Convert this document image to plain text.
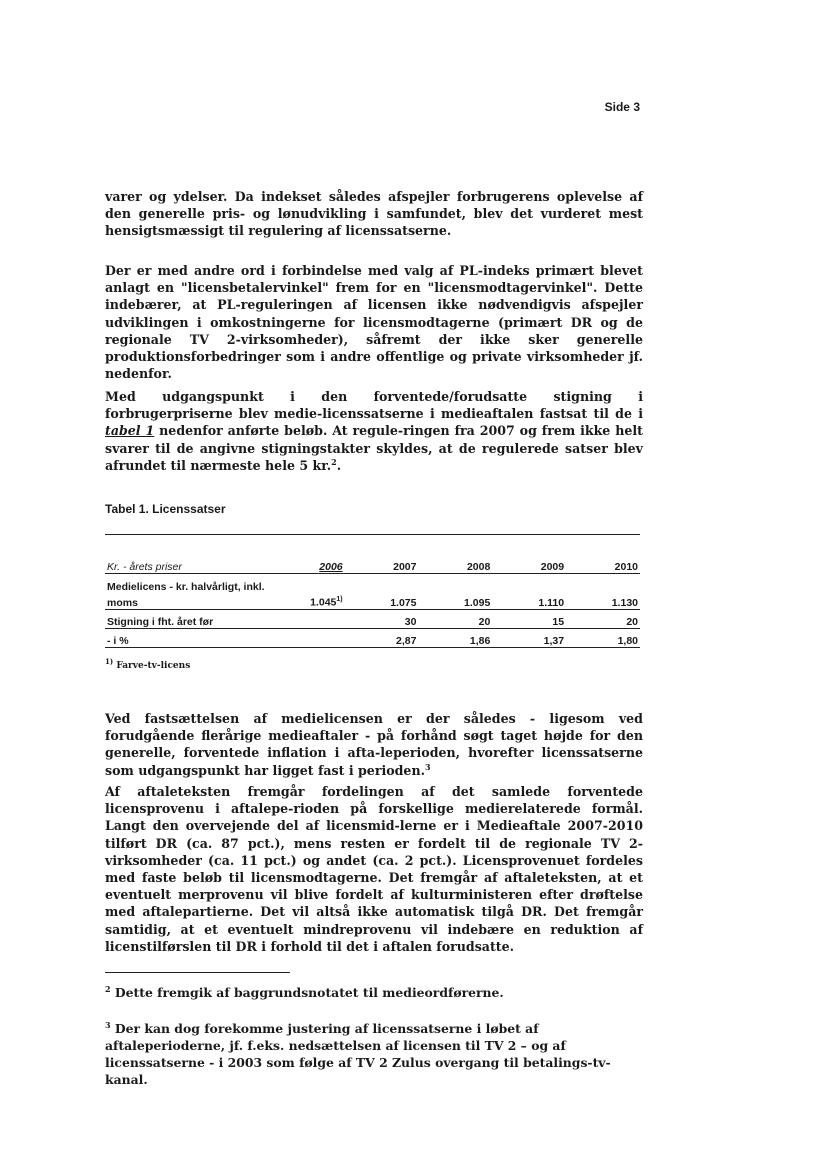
Side 3

varer og ydelser. Da indekset således afspejler forbrugerens oplevelse af den generelle pris- og lønudvikling i samfundet, blev det vurderet mest hensigtsmæssigt til regulering af licenssatserne.

Der er med andre ord i forbindelse med valg af PL-indeks primært blevet anlagt en "licensbetalervinkel" frem for en "licensmodtagervinkel". Dette indebærer, at PL-reguleringen af licensen ikke nødvendigvis afspejler udviklingen i omkostningerne for licensmodtagerne (primært DR og de regionale TV 2-virksomheder), såfremt der ikke sker generelle produktionsforbedringer som i andre offentlige og private virksomheder jf. nedenfor.

Med udgangspunkt i den forventede/forudsatte stigning i forbrugerpriserne blev medie-licenssatserne i medieaftalen fastsat til de i tabel 1 nedenfor anførte beløb. At regule-ringen fra 2007 og frem ikke helt svarer til de angivne stigningstakter skyldes, at de regulerede satser blev afrundet til nærmeste hele 5 kr.$^2$.

Tabel 1. Licenssatser
Kr. - årets priser	2006	2007	2008	2009	2010
Medielicens - kr. halvårligt, inkl.					
moms	1.045$^{1)}$	1.075	1.095	1.110	1.130
Stigning i fht. året før		30	20	15	20
- i %		2,87	1,86	1,37	1,80
$^{1)}$ Farve-tv-licens

Ved fastsættelsen af medielicensen er der således - ligesom ved forudgående flerårige medieaftaler - på forhånd søgt taget højde for den generelle, forventede inflation i afta-leperioden, hvorefter licenssatserne som udgangspunkt har ligget fast i perioden.$^3$

Af aftaleteksten fremgår fordelingen af det samlede forventede licensprovenu i aftalepe-rioden på forskellige medierelaterede formål. Langt den overvejende del af licensmid-lerne er i Medieaftale 2007-2010 tilført DR (ca. 87 pct.), mens resten er fordelt til de regionale TV 2-virksomheder (ca. 11 pct.) og andet (ca. 2 pct.). Licensprovenuet fordeles med faste beløb til licensmodtagerne. Det fremgår af aftaleteksten, at et eventuelt merprovenu vil blive fordelt af kulturministeren efter drøftelse med aftalepartierne. Det vil altså ikke automatisk tilgå DR. Det fremgår samtidig, at et eventuelt mindreprovenu vil indebære en reduktion af licenstilførslen til DR i forhold til det i aftalen forudsatte.

$^2$ Dette fremgik af baggrundsnotatet til medieordførerne.

$^3$ Der kan dog forekomme justering af licenssatserne i løbet af aftaleperioderne, jf. f.eks. nedsættelsen af licensen til TV 2 – og af licenssatserne - i 2003 som følge af TV 2 Zulus overgang til betalings-tv-kanal.
